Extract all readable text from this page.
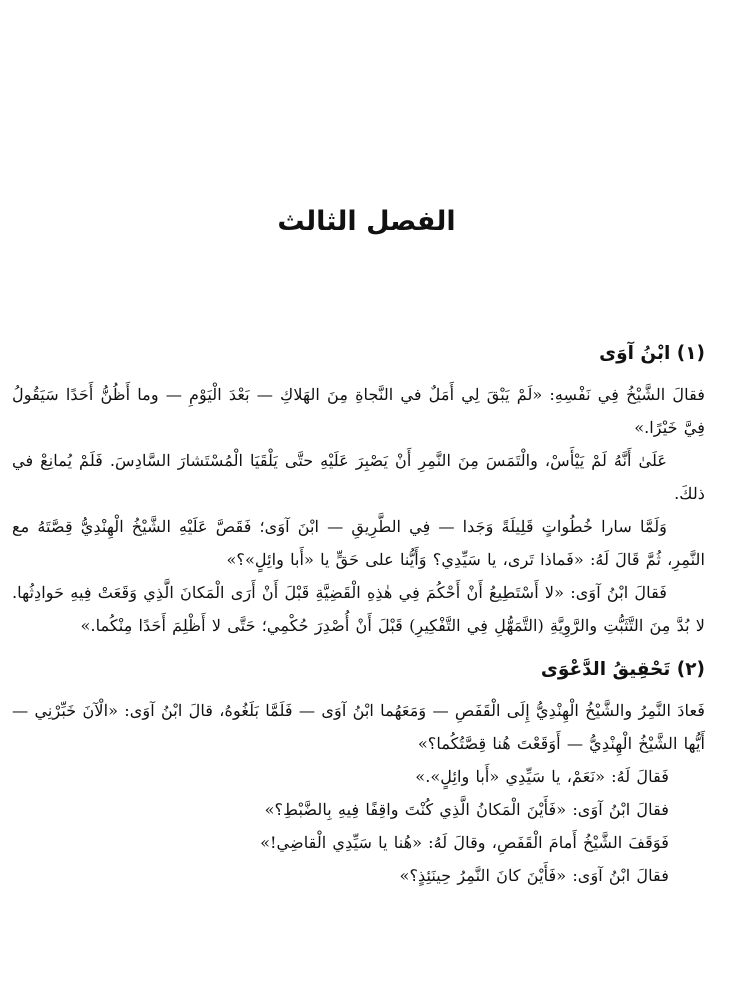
الفصل الثالث
(١) ابْنُ آوَى

فقالَ الشَّيْخُ فِي نَفْسِهِ: «لَمْ يَبْقَ لِي أَمَلٌ في النَّجاةِ مِنَ الهَلاكِ — بَعْدَ الْيَوْمِ — وما أَظُنُّ أَحَدًا سَيَقُولُ فِيَّ خَيْرًا.»

عَلَىٰ أَنَّهُ لَمْ يَيْأَسْ، والْتَمَسَ مِنَ النَّمِرِ أَنْ يَصْبِرَ عَلَيْهِ حتَّى يَلْقَيَا الْمُسْتَشارَ السَّادِسَ. فَلَمْ يُمانِعْ في ذلكَ.

وَلَمَّا سارا خُطُواتٍ قَلِيلَةً وَجَدا — فِي الطَّرِيقِ — ابْنَ آوَى؛ فَقَصَّ عَلَيْهِ الشَّيْخُ الْهِنْدِيُّ قِصَّتَهُ مع النَّمِرِ، ثُمَّ قَالَ لَهُ: «فَماذا تَرى، يا سَيِّدِي؟ وَأَيُّنا على حَقٍّ يا «أَبا وائِلٍ»؟»

فَقالَ ابْنُ آوَى: «لا أَسْتَطِيعُ أَنْ أَحْكُمَ فِي هٰذِهِ الْقَضِيَّةِ قَبْلَ أَنْ أَرَى الْمَكانَ الَّذِي وَقَعَتْ فِيهِ حَوادِثُها. لا بُدَّ مِنَ التَّثَبُّتِ والرَّوِيَّةِ (التَّمَهُّلِ فِي التَّفْكِيرِ) قَبْلَ أَنْ أُصْدِرَ حُكْمِي؛ حَتَّى لا أَظْلِمَ أَحَدًا مِنْكُما.»

(٢) تَحْقِيقُ الدَّعْوَى

فَعادَ النَّمِرُ والشَّيْخُ الْهِنْدِيُّ إِلَى الْقَفَصِ — وَمَعَهُما ابْنُ آوَى — فَلَمَّا بَلَغُوهُ، قالَ ابْنُ آوَى: «الْآنَ خَبِّرْنِي — أَيُّها الشَّيْخُ الْهِنْدِيُّ — أَوَقَعْتَ هُنا قِصَّتُكُما؟»

فَقالَ لَهُ: «نَعَمْ، يا سَيِّدِي «أَبا وائِلٍ».»

فقالَ ابْنُ آوَى: «فَأَيْنَ الْمَكانُ الَّذِي كُنْتَ واقِفًا فِيهِ بِالضَّبْطِ؟»

فَوَقَفَ الشَّيْخُ أَمامَ الْقَفَصِ، وقالَ لَهُ: «هُنا يا سَيِّدِي الْقاضِي!»

فقالَ ابْنُ آوَى: «فَأَيْنَ كانَ النَّمِرُ حِينَئِذٍ؟»
